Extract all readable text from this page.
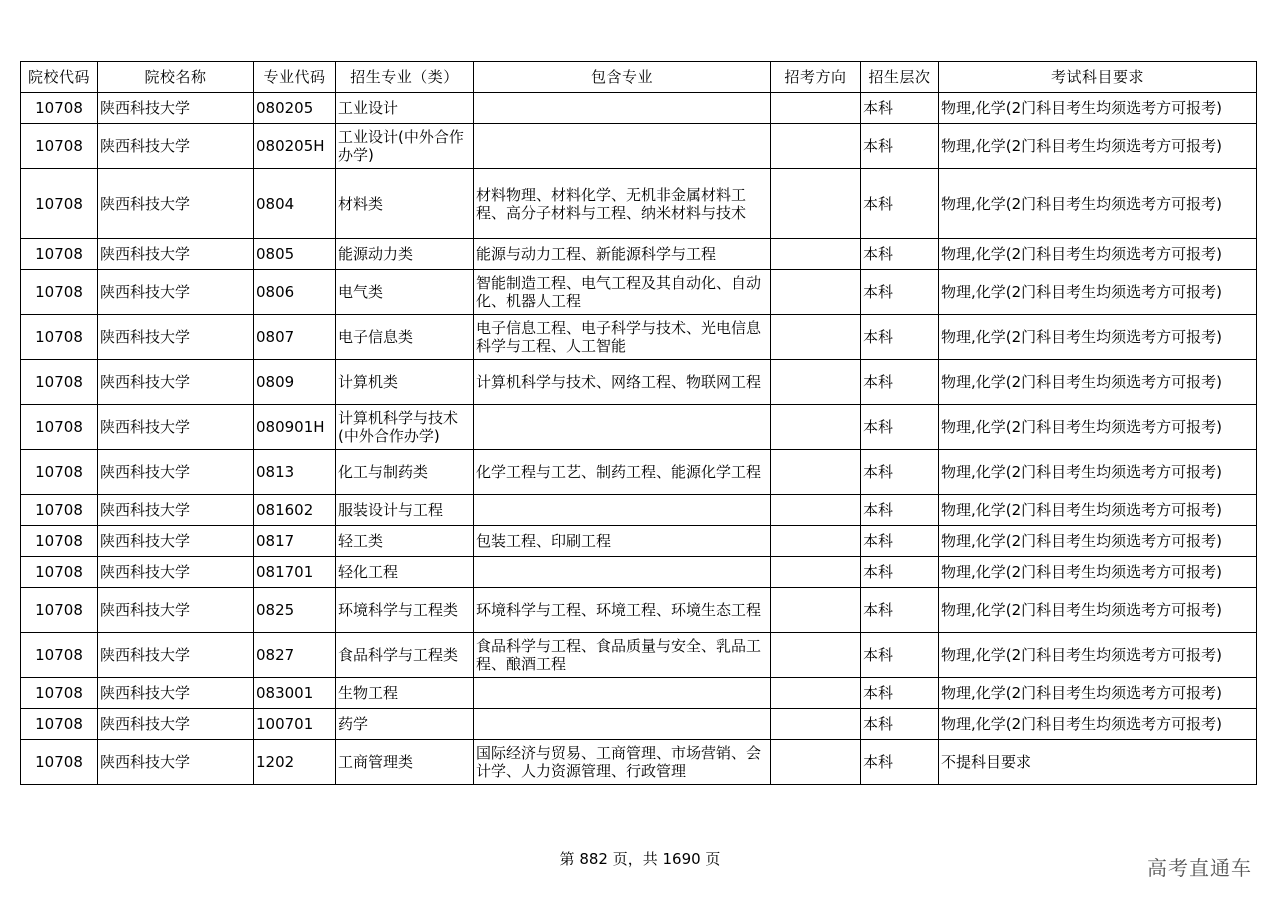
院校代码	院校名称	专业代码	招生专业（类）	包含专业	招考方向	招生层次	考试科目要求
10708	陕西科技大学	080205	工业设计			本科	物理,化学(2门科目考生均须选考方可报考)
10708	陕西科技大学	080205H	工业设计(中外合作办学)			本科	物理,化学(2门科目考生均须选考方可报考)
10708	陕西科技大学	0804	材料类	材料物理、材料化学、无机非金属材料工程、高分子材料与工程、纳米材料与技术		本科	物理,化学(2门科目考生均须选考方可报考)
10708	陕西科技大学	0805	能源动力类	能源与动力工程、新能源科学与工程		本科	物理,化学(2门科目考生均须选考方可报考)
10708	陕西科技大学	0806	电气类	智能制造工程、电气工程及其自动化、自动化、机器人工程		本科	物理,化学(2门科目考生均须选考方可报考)
10708	陕西科技大学	0807	电子信息类	电子信息工程、电子科学与技术、光电信息科学与工程、人工智能		本科	物理,化学(2门科目考生均须选考方可报考)
10708	陕西科技大学	0809	计算机类	计算机科学与技术、网络工程、物联网工程		本科	物理,化学(2门科目考生均须选考方可报考)
10708	陕西科技大学	080901H	计算机科学与技术(中外合作办学)			本科	物理,化学(2门科目考生均须选考方可报考)
10708	陕西科技大学	0813	化工与制药类	化学工程与工艺、制药工程、能源化学工程		本科	物理,化学(2门科目考生均须选考方可报考)
10708	陕西科技大学	081602	服装设计与工程			本科	物理,化学(2门科目考生均须选考方可报考)
10708	陕西科技大学	0817	轻工类	包装工程、印刷工程		本科	物理,化学(2门科目考生均须选考方可报考)
10708	陕西科技大学	081701	轻化工程			本科	物理,化学(2门科目考生均须选考方可报考)
10708	陕西科技大学	0825	环境科学与工程类	环境科学与工程、环境工程、环境生态工程		本科	物理,化学(2门科目考生均须选考方可报考)
10708	陕西科技大学	0827	食品科学与工程类	食品科学与工程、食品质量与安全、乳品工程、酿酒工程		本科	物理,化学(2门科目考生均须选考方可报考)
10708	陕西科技大学	083001	生物工程			本科	物理,化学(2门科目考生均须选考方可报考)
10708	陕西科技大学	100701	药学			本科	物理,化学(2门科目考生均须选考方可报考)
10708	陕西科技大学	1202	工商管理类	国际经济与贸易、工商管理、市场营销、会计学、人力资源管理、行政管理		本科	不提科目要求
第 882 页，共 1690 页	高考直通车
